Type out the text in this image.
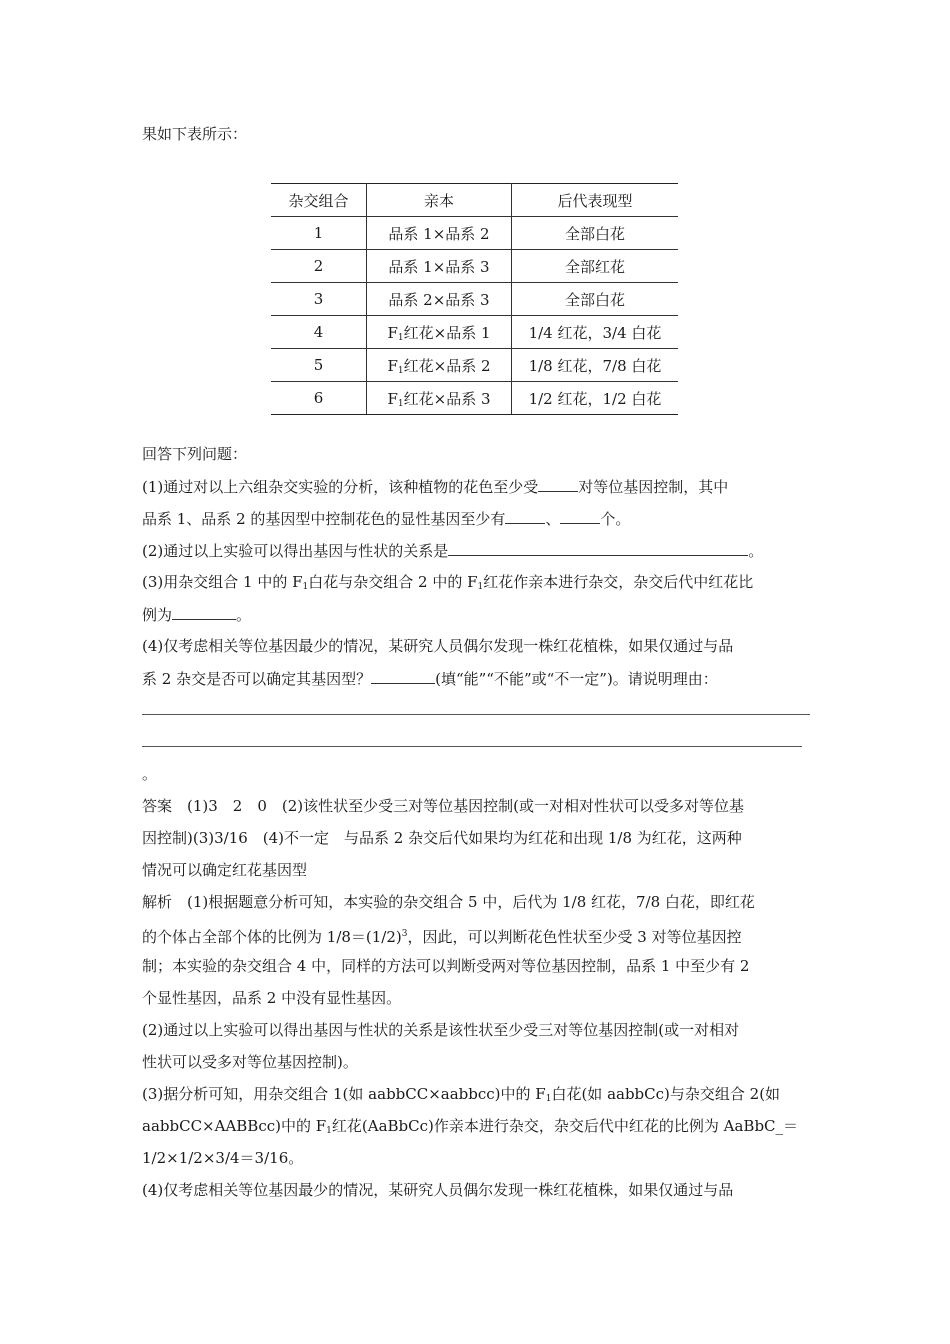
果如下表所示：
杂交组合	亲本	后代表现型
1	品系 1×品系 2	全部白花
2	品系 1×品系 3	全部红花
3	品系 2×品系 3	全部白花
4	$F_1$红花×品系 1	1/4 红花，3/4 白花
5	$F_1$红花×品系 2	1/8 红花，7/8 白花
6	$F_1$红花×品系 3	1/2 红花，1/2 白花
回答下列问题：
(1)通过对以上六组杂交实验的分析，该种植物的花色至少受	对等位基因控制，其中
品系 1、品系 2 的基因型中控制花色的显性基因至少有	、	个。
(2)通过以上实验可以得出基因与性状的关系是	。
(3)用杂交组合 1 中的 $F_1$白花与杂交组合 2 中的 $F_1$红花作亲本进行杂交，杂交后代中红花比
例为	。
(4)仅考虑相关等位基因最少的情况，某研究人员偶尔发现一株红花植株，如果仅通过与品
系 2 杂交是否可以确定其基因型？	(填“能”“不能”或“不一定”)。请说明理由：
。
答案　(1)3　2　0　(2)该性状至少受三对等位基因控制(或一对相对性状可以受多对等位基
因控制)(3)3/16　(4)不一定　与品系 2 杂交后代如果均为红花和出现 1/8 为红花，这两种
情况可以确定红花基因型
解析　(1)根据题意分析可知，本实验的杂交组合 5 中，后代为 1/8 红花，7/8 白花，即红花
的个体占全部个体的比例为 $1/8=(1/2)^3$，因此，可以判断花色性状至少受 3 对等位基因控
制；本实验的杂交组合 4 中，同样的方法可以判断受两对等位基因控制，品系 1 中至少有 2
个显性基因，品系 2 中没有显性基因。
(2)通过以上实验可以得出基因与性状的关系是该性状至少受三对等位基因控制(或一对相对
性状可以受多对等位基因控制)。
(3)据分析可知，用杂交组合 1(如 aabbCC×aabbcc)中的 $F_1$白花(如 aabbCc)与杂交组合 2(如
aabbCC×AABBcc)中的 $F_1$红花(AaBbCc)作亲本进行杂交，杂交后代中红花的比例为 AaBbC_＝
1/2×1/2×3/4＝3/16。
(4)仅考虑相关等位基因最少的情况，某研究人员偶尔发现一株红花植株，如果仅通过与品
